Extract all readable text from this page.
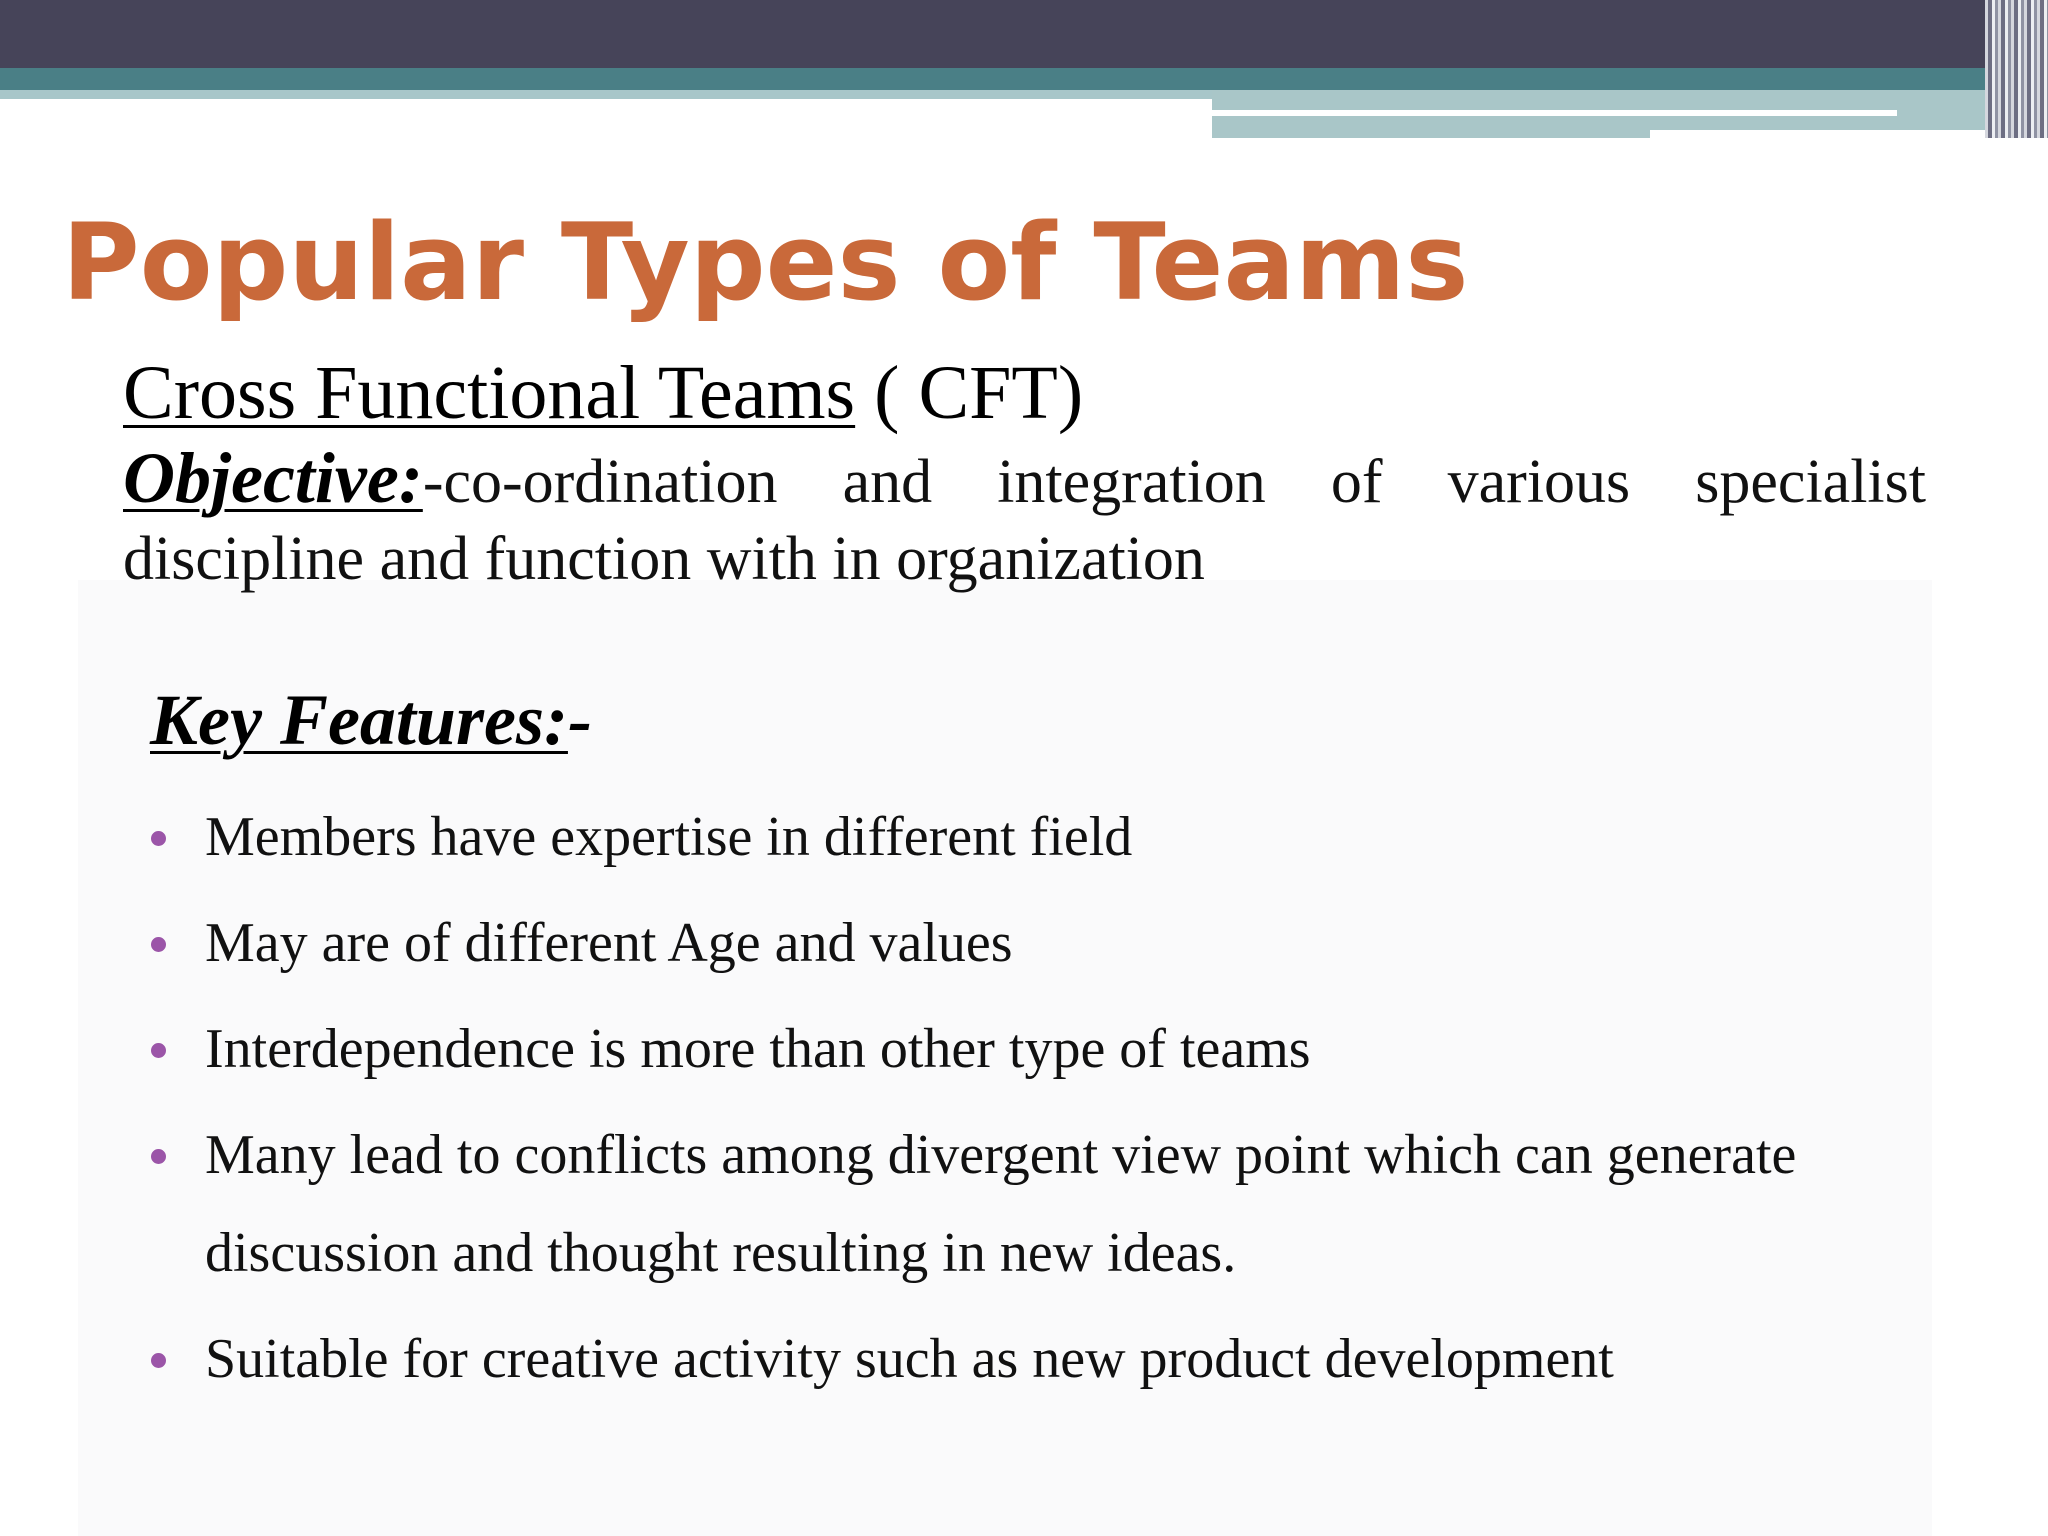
Popular Types of Teams
Cross Functional Teams ( CFT)

Objective:-co-ordination and integration of various specialist discipline and function with in organization

Key Features:-
Members have expertise in different field
May are of different Age and values
Interdependence is more than other type of teams
Many lead to conflicts among divergent view point which can generate discussion and thought resulting in new ideas.
Suitable for creative activity such as new product development
